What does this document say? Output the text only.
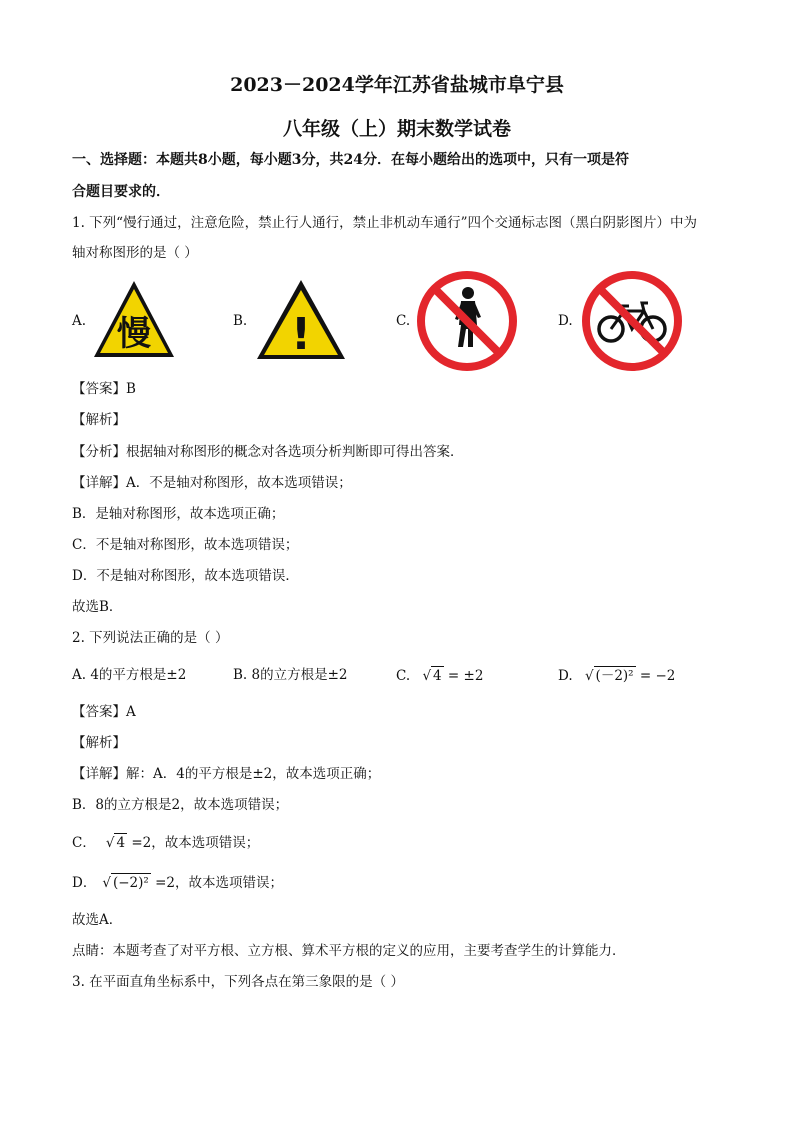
2023－2024学年江苏省盐城市阜宁县
八年级（上）期末数学试卷
一、选择题：本题共8小题，每小题3分，共24分．在每小题给出的选项中，只有一项是符
合题目要求的．
1. 下列“慢行通过，注意危险，禁止行人通行，禁止非机动车通行”四个交通标志图（黑白阴影图片）中为
轴对称图形的是（ ）
A. 慢	B. !	C.	D.
【答案】B
【解析】
【分析】根据轴对称图形的概念对各选项分析判断即可得出答案．
【详解】A．不是轴对称图形，故本选项错误；
B．是轴对称图形，故本选项正确；
C．不是轴对称图形，故本选项错误；
D．不是轴对称图形，故本选项错误．
故选B．
2. 下列说法正确的是（ ）
A. 4的平方根是±2	B. 8的立方根是±2	C. √ 4 = ±2	D. √ (－2)² = −2
【答案】A
【解析】
【详解】解：A．4的平方根是±2，故本选项正确；
B．8的立方根是2，故本选项错误；
C． √ 4 =2，故本选项错误；
D． √ (−2)² =2，故本选项错误；
故选A．
点睛：本题考查了对平方根、立方根、算术平方根的定义的应用，主要考查学生的计算能力．
3. 在平面直角坐标系中，下列各点在第三象限的是（ ）
